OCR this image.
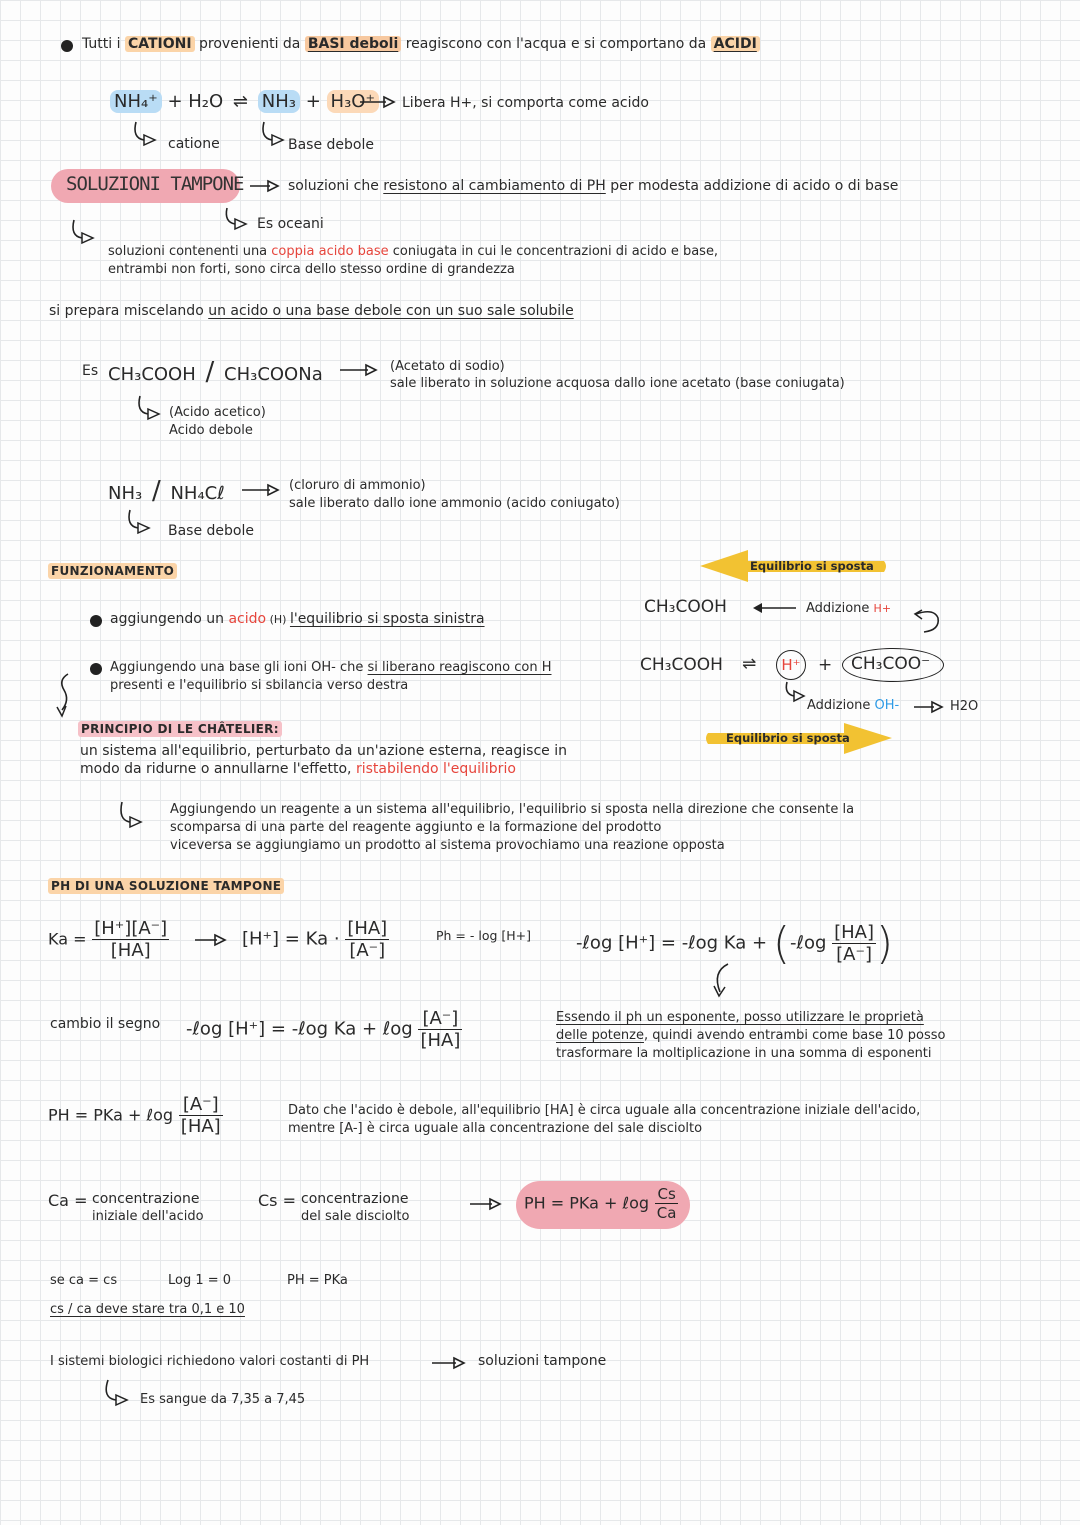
Tutti i CATIONI provenienti da BASI deboli reagiscono con l'acqua e si comportano da ACIDI
NH₄⁺ + H₂O ⇌ NH₃ + H₃O⁺ Libera H+, si comporta come acido
catione	Base debole
SOLUZIONI TAMPONE	soluzioni che resistono al cambiamento di PH per modesta addizione di acido o di base
Es oceani
soluzioni contenenti una coppia acido base coniugata in cui le concentrazioni di acido e base,
entrambi non forti, sono circa dello stesso ordine di grandezza
si prepara miscelando un acido o una base debole con un suo sale solubile
Es CH₃COOH / CH₃COONa	(Acetato di sodio)
sale liberato in soluzione acquosa dallo ione acetato (base coniugata)
(Acido acetico)
Acido debole
NH₃ / NH₄Cℓ	(cloruro di ammonio)
sale liberato dallo ione ammonio (acido coniugato)
Base debole
FUNZIONAMENTO
aggiungendo un acido (H) l'equilibrio si sposta sinistra
Aggiungendo una base gli ioni OH- che si liberano reagiscono con H
presenti e l'equilibrio si sbilancia verso destra
Equilibrio si sposta
CH₃COOH	Addizione H+
CH₃COOH ⇌	H⁺	+ CH₃COO⁻
Addizione OH-	H2O
Equilibrio si sposta
PRINCIPIO DI LE CHÂTELIER:
un sistema all'equilibrio, perturbato da un'azione esterna, reagisce in
modo da ridurne o annullarne l'effetto, ristabilendo l'equilibrio
Aggiungendo un reagente a un sistema all'equilibrio, l'equilibrio si sposta nella direzione che consente la
scomparsa di una parte del reagente aggiunto e la formazione del prodotto
viceversa se aggiungiamo un prodotto al sistema provochiamo una reazione opposta
PH DI UNA SOLUZIONE TAMPONE
$Ka = \frac{[H^+][A^-]}{[HA]}$	$[H^+] = Ka \cdot \frac{[HA]}{[A^-]}$	Ph = - log [H+] -ℓog [H⁺] = -ℓog Ka + (-ℓog $\frac{[HA]}{[A^-]}$ )
cambio il segno -ℓog [H⁺] = -ℓog Ka + ℓog $\frac{[A^-]}{[HA]}$	Essendo il ph un esponente, posso utilizzare le proprietà
delle potenze, quindi avendo entrambi come base 10 posso
trasformare la moltiplicazione in una somma di esponenti
PH = PKa + ℓog $\frac{[A^-]}{[HA]}$	Dato che l'acido è debole, all'equilibrio [HA] è circa uguale alla concentrazione iniziale dell'acido,
mentre [A-] è circa uguale alla concentrazione del sale disciolto
Ca = concentrazione
iniziale dell'acido
Cs = concentrazione
del sale disciolto
PH = PKa + ℓog $\frac{Cs}{Ca}$
se ca = cs	Log 1 = 0	PH = PKa
cs / ca deve stare tra 0,1 e 10
I sistemi biologici richiedono valori costanti di PH	soluzioni tampone
Es sangue da 7,35 a 7,45
